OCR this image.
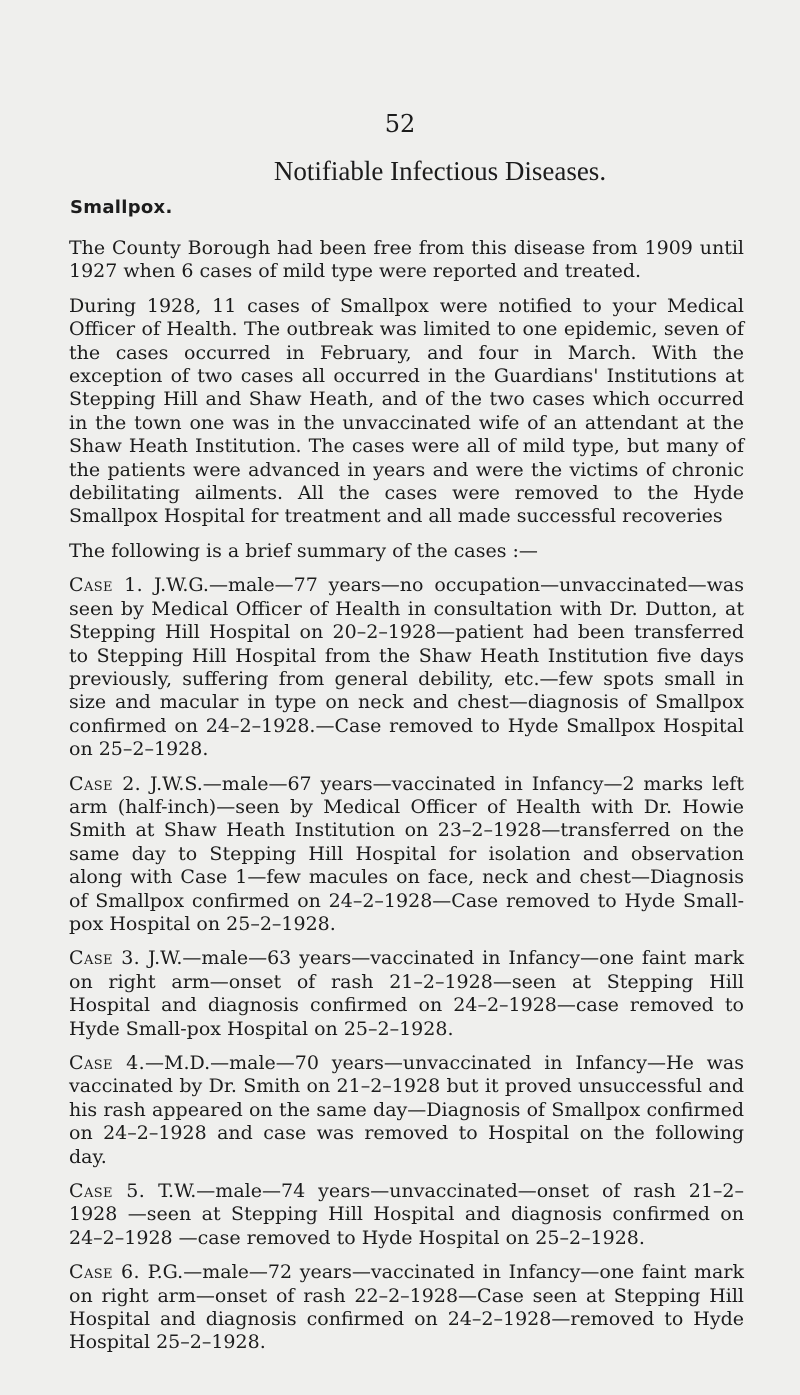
52
Notifiable Infectious Diseases.
Smallpox.

The County Borough had been free from this disease from 1909 until 1927 when 6 cases of mild type were reported and treated.

During 1928, 11 cases of Smallpox were notified to your Medical Officer of Health. The outbreak was limited to one epidemic, seven of the cases occurred in February, and four in March. With the exception of two cases all occurred in the Guardians' Institutions at Stepping Hill and Shaw Heath, and of the two cases which occurred in the town one was in the unvaccinated wife of an attendant at the Shaw Heath Institution. The cases were all of mild type, but many of the patients were advanced in years and were the victims of chronic debilitating ailments. All the cases were removed to the Hyde Smallpox Hospital for treatment and all made successful recoveries

The following is a brief summary of the cases :—

Case 1. J.W.G.—male—77 years—no occupation—unvaccinated—was seen by Medical Officer of Health in consultation with Dr. Dutton, at Stepping Hill Hospital on 20–2–1928—patient had been transferred to Stepping Hill Hospital from the Shaw Heath Institution five days previously, suffering from general debility, etc.—few spots small in size and macular in type on neck and chest—diagnosis of Smallpox confirmed on 24–2–1928.—Case removed to Hyde Smallpox Hospital on 25–2–1928.

Case 2. J.W.S.—male—67 years—vaccinated in Infancy—2 marks left arm (half-inch)—seen by Medical Officer of Health with Dr. Howie Smith at Shaw Heath Institution on 23–2–1928—transferred on the same day to Stepping Hill Hospital for isolation and observation along with Case 1—few macules on face, neck and chest—Diagnosis of Smallpox confirmed on 24–2–1928—Case removed to Hyde Small-pox Hospital on 25–2–1928.

Case 3. J.W.—male—63 years—vaccinated in Infancy—one faint mark on right arm—onset of rash 21–2–1928—seen at Stepping Hill Hospital and diagnosis confirmed on 24–2–1928—case removed to Hyde Small-pox Hospital on 25–2–1928.

Case 4.—M.D.—male—70 years—unvaccinated in Infancy—He was vaccinated by Dr. Smith on 21–2–1928 but it proved unsuccessful and his rash appeared on the same day—Diagnosis of Smallpox confirmed on 24–2–1928 and case was removed to Hospital on the following day.

Case 5. T.W.—male—74 years—unvaccinated—onset of rash 21–2–1928 —seen at Stepping Hill Hospital and diagnosis confirmed on 24–2–1928 —case removed to Hyde Hospital on 25–2–1928.

Case 6. P.G.—male—72 years—vaccinated in Infancy—one faint mark on right arm—onset of rash 22–2–1928—Case seen at Stepping Hill Hospital and diagnosis confirmed on 24–2–1928—removed to Hyde Hospital 25–2–1928.
